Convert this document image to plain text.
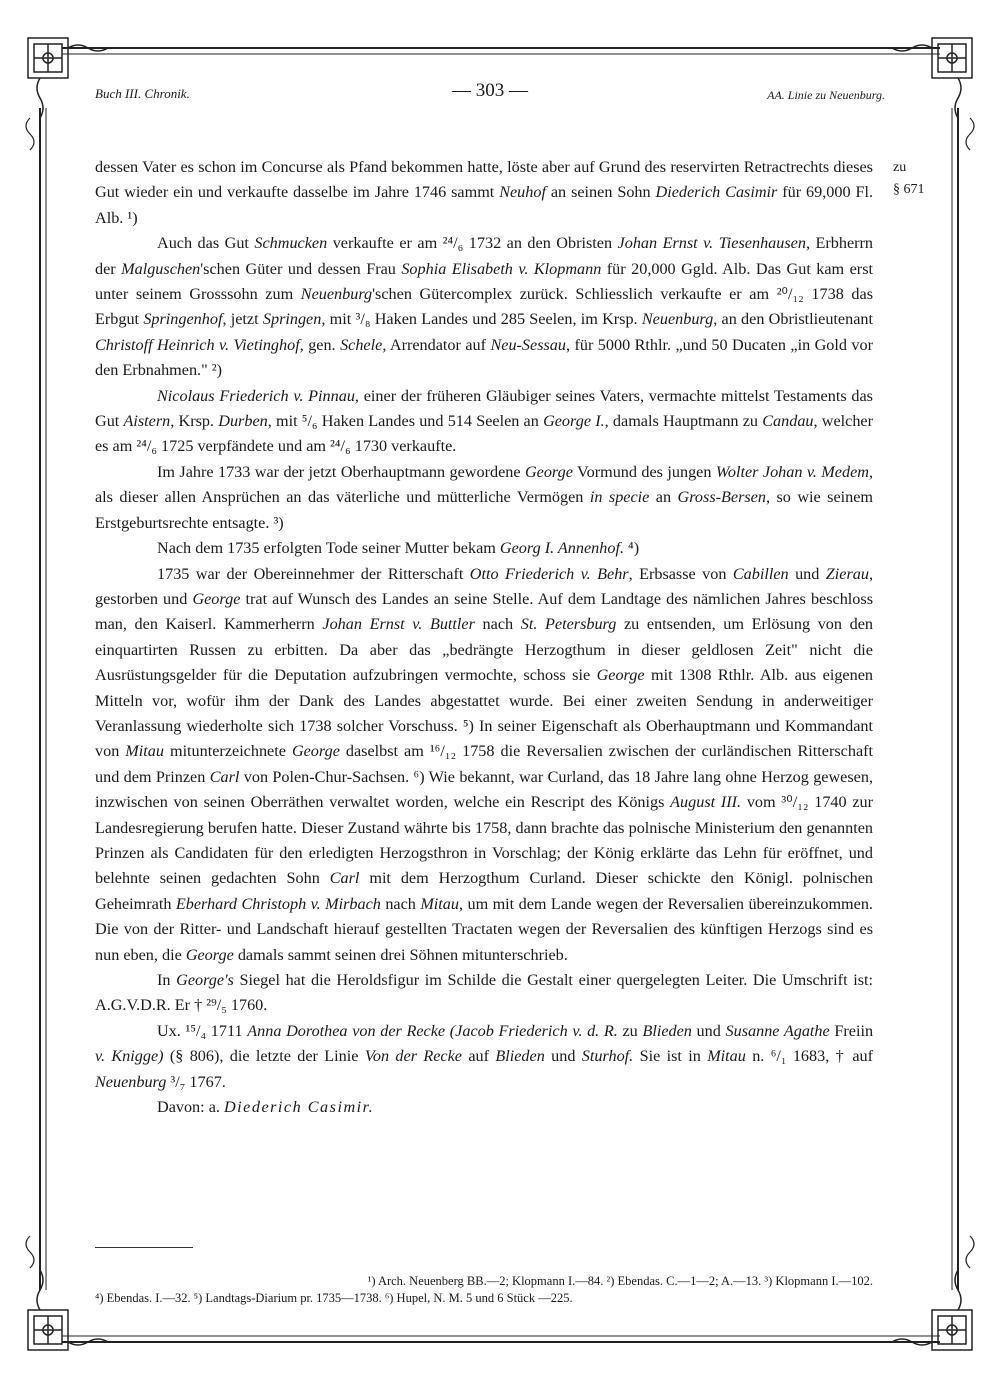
Buch III. Chronik.	— 303 —	AA. Linie zu Neuenburg.
zu
§ 671

dessen Vater es schon im Concurse als Pfand bekommen hatte, löste aber auf Grund des reservirten Retractrechts dieses Gut wieder ein und verkaufte dasselbe im Jahre 1746 sammt Neuhof an seinen Sohn Diederich Casimir für 69,000 Fl. Alb. ¹)

Auch das Gut Schmucken verkaufte er am ²⁴/₆ 1732 an den Obristen Johan Ernst v. Tiesenhausen, Erbherrn der Malguschen'schen Güter und dessen Frau Sophia Elisabeth v. Klopmann für 20,000 Ggld. Alb. Das Gut kam erst unter seinem Grosssohn zum Neuenburg'schen Gütercomplex zurück. Schliesslich verkaufte er am ²⁰/₁₂ 1738 das Erbgut Springenhof, jetzt Springen, mit ³/₈ Haken Landes und 285 Seelen, im Krsp. Neuenburg, an den Obristlieutenant Christoff Heinrich v. Vietinghof, gen. Schele, Arrendator auf Neu-Sessau, für 5000 Rthlr. „und 50 Ducaten „in Gold vor den Erbnahmen." ²)

Nicolaus Friederich v. Pinnau, einer der früheren Gläubiger seines Vaters, vermachte mittelst Testaments das Gut Aistern, Krsp. Durben, mit ⁵/₆ Haken Landes und 514 Seelen an George I., damals Hauptmann zu Candau, welcher es am ²⁴/₆ 1725 verpfändete und am ²⁴/₆ 1730 verkaufte.

Im Jahre 1733 war der jetzt Oberhauptmann gewordene George Vormund des jungen Wolter Johan v. Medem, als dieser allen Ansprüchen an das väterliche und mütterliche Vermögen in specie an Gross-Bersen, so wie seinem Erstgeburtsrechte entsagte. ³)

Nach dem 1735 erfolgten Tode seiner Mutter bekam Georg I. Annenhof. ⁴)

1735 war der Obereinnehmer der Ritterschaft Otto Friederich v. Behr, Erbsasse von Cabillen und Zierau, gestorben und George trat auf Wunsch des Landes an seine Stelle. Auf dem Landtage des nämlichen Jahres beschloss man, den Kaiserl. Kammerherrn Johan Ernst v. Buttler nach St. Petersburg zu entsenden, um Erlösung von den einquartirten Russen zu erbitten. Da aber das „bedrängte Herzogthum in dieser geldlosen Zeit" nicht die Ausrüstungsgelder für die Deputation aufzubringen vermochte, schoss sie George mit 1308 Rthlr. Alb. aus eigenen Mitteln vor, wofür ihm der Dank des Landes abgestattet wurde. Bei einer zweiten Sendung in anderweitiger Veranlassung wiederholte sich 1738 solcher Vorschuss. ⁵) In seiner Eigenschaft als Oberhauptmann und Kommandant von Mitau mitunterzeichnete George daselbst am ¹⁶/₁₂ 1758 die Reversalien zwischen der curländischen Ritterschaft und dem Prinzen Carl von Polen-Chur-Sachsen. ⁶) Wie bekannt, war Curland, das 18 Jahre lang ohne Herzog gewesen, inzwischen von seinen Oberräthen verwaltet worden, welche ein Rescript des Königs August III. vom ³⁰/₁₂ 1740 zur Landesregierung berufen hatte. Dieser Zustand währte bis 1758, dann brachte das polnische Ministerium den genannten Prinzen als Candidaten für den erledigten Herzogsthron in Vorschlag; der König erklärte das Lehn für eröffnet, und belehnte seinen gedachten Sohn Carl mit dem Herzogthum Curland. Dieser schickte den Königl. polnischen Geheimrath Eberhard Christoph v. Mirbach nach Mitau, um mit dem Lande wegen der Reversalien übereinzukommen. Die von der Ritter- und Landschaft hierauf gestellten Tractaten wegen der Reversalien des künftigen Herzogs sind es nun eben, die George damals sammt seinen drei Söhnen mitunterschrieb.

In George's Siegel hat die Heroldsfigur im Schilde die Gestalt einer quergelegten Leiter. Die Umschrift ist: A.G.V.D.R. Er † ²⁹/₅ 1760.

Ux. ¹⁵/₄ 1711 Anna Dorothea von der Recke (Jacob Friederich v. d. R. zu Blieden und Susanne Agathe Freiin v. Knigge) (§ 806), die letzte der Linie Von der Recke auf Blieden und Sturhof. Sie ist in Mitau n. ⁶/₁ 1683, † auf Neuenburg ³/₇ 1767.

Davon: a. Diederich Casimir.

¹) Arch. Neuenberg BB.—2; Klopmann I.—84. ²) Ebendas. C.—1—2; A.—13. ³) Klopmann I.—102.

⁴) Ebendas. I.—32. ⁵) Landtags-Diarium pr. 1735—1738. ⁶) Hupel, N. M. 5 und 6 Stück —225.
